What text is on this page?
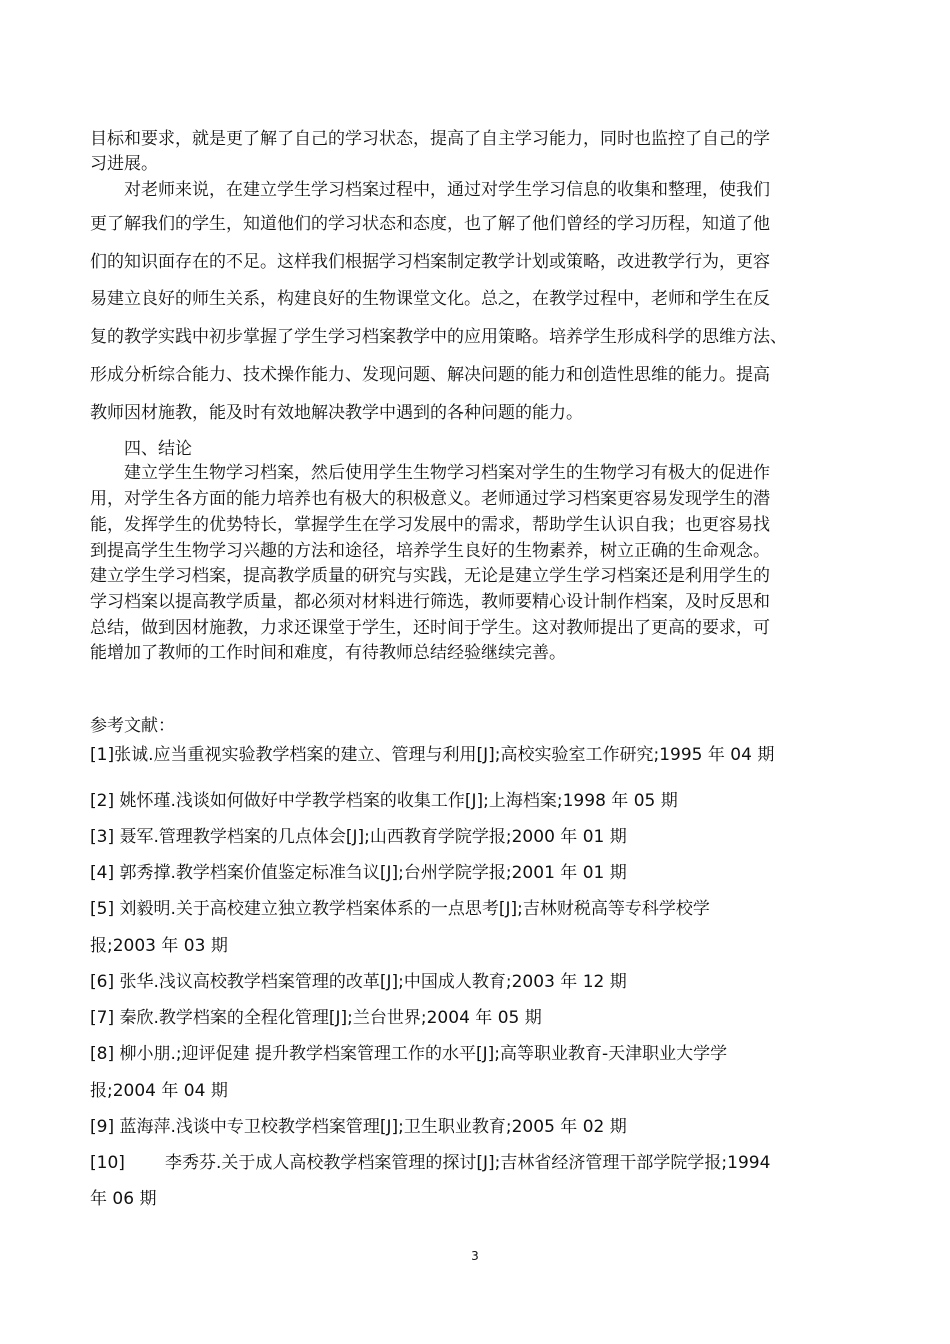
目标和要求，就是更了解了自己的学习状态，提高了自主学习能力，同时也监控了自己的学
习进展。
对老师来说，在建立学生学习档案过程中，通过对学生学习信息的收集和整理，使我们
更了解我们的学生，知道他们的学习状态和态度，也了解了他们曾经的学习历程，知道了他
们的知识面存在的不足。这样我们根据学习档案制定教学计划或策略，改进教学行为，更容
易建立良好的师生关系，构建良好的生物课堂文化。总之，在教学过程中，老师和学生在反
复的教学实践中初步掌握了学生学习档案教学中的应用策略。培养学生形成科学的思维方法、
形成分析综合能力、技术操作能力、发现问题、解决问题的能力和创造性思维的能力。提高
教师因材施教，能及时有效地解决教学中遇到的各种问题的能力。
四、结论
建立学生生物学习档案，然后使用学生生物学习档案对学生的生物学习有极大的促进作
用，对学生各方面的能力培养也有极大的积极意义。老师通过学习档案更容易发现学生的潜
能，发挥学生的优势特长，掌握学生在学习发展中的需求，帮助学生认识自我；也更容易找
到提高学生生物学习兴趣的方法和途径，培养学生良好的生物素养，树立正确的生命观念。
建立学生学习档案，提高教学质量的研究与实践，无论是建立学生学习档案还是利用学生的
学习档案以提高教学质量，都必须对材料进行筛选，教师要精心设计制作档案，及时反思和
总结，做到因材施教，力求还课堂于学生，还时间于学生。这对教师提出了更高的要求，可
能增加了教师的工作时间和难度，有待教师总结经验继续完善。
参考文献：
[1]张诚.应当重视实验教学档案的建立、管理与利用[J];高校实验室工作研究;1995 年 04 期
[2] 姚怀瑾.浅谈如何做好中学教学档案的收集工作[J];上海档案;1998 年 05 期
[3] 聂军.管理教学档案的几点体会[J];山西教育学院学报;2000 年 01 期
[4] 郭秀撑.教学档案价值鉴定标准刍议[J];台州学院学报;2001 年 01 期
[5] 刘毅明.关于高校建立独立教学档案体系的一点思考[J];吉林财税高等专科学校学
报;2003 年 03 期
[6] 张华.浅议高校教学档案管理的改革[J];中国成人教育;2003 年 12 期
[7] 秦欣.教学档案的全程化管理[J];兰台世界;2004 年 05 期
[8] 柳小朋.;迎评促建 提升教学档案管理工作的水平[J];高等职业教育-天津职业大学学
报;2004 年 04 期
[9] 蓝海萍.浅谈中专卫校教学档案管理[J];卫生职业教育;2005 年 02 期
[10] 李秀芬.关于成人高校教学档案管理的探讨[J];吉林省经济管理干部学院学报;1994
年 06 期
3
